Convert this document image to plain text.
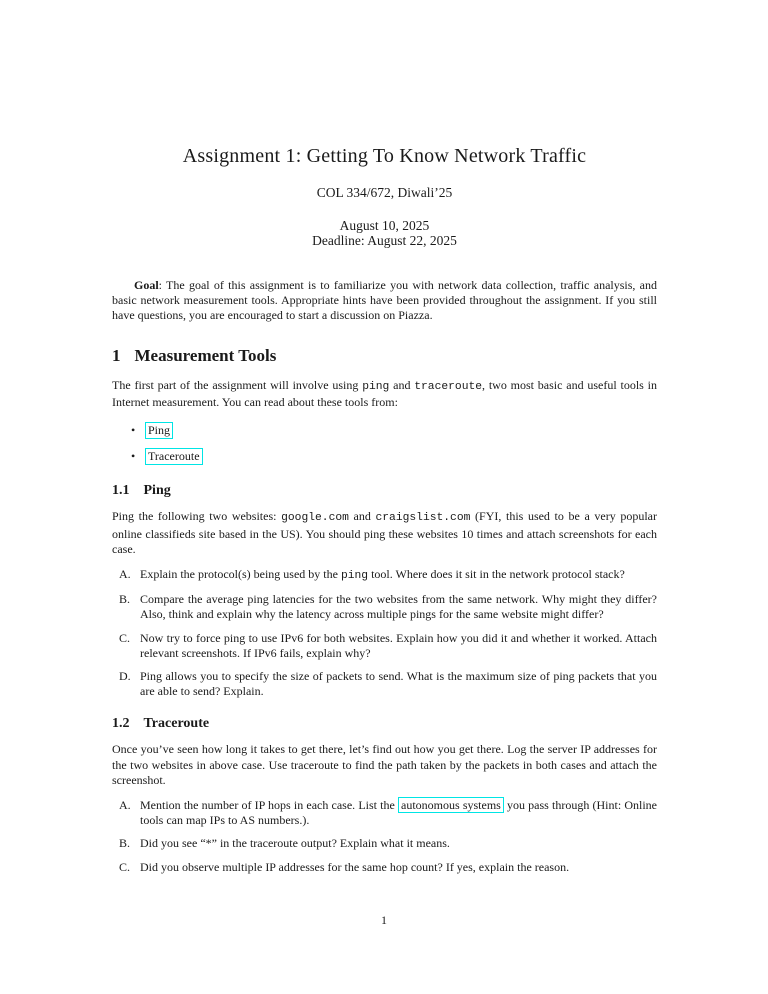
Assignment 1: Getting To Know Network Traffic
COL 334/672, Diwali’25
August 10, 2025
Deadline: August 22, 2025

Goal: The goal of this assignment is to familiarize you with network data collection, traffic analysis, and basic network measurement tools. Appropriate hints have been provided throughout the assignment. If you still have questions, you are encouraged to start a discussion on Piazza.

1 Measurement Tools

The first part of the assignment will involve using ping and traceroute, two most basic and useful tools in Internet measurement. You can read about these tools from:

•	Ping
•	Traceroute
1.1 Ping

Ping the following two websites: google.com and craigslist.com (FYI, this used to be a very popular online classifieds site based in the US). You should ping these websites 10 times and attach screenshots for each case.

A. Explain the protocol(s) being used by the ping tool. Where does it sit in the network protocol stack?
B. Compare the average ping latencies for the two websites from the same network. Why might they differ? Also, think and explain why the latency across multiple pings for the same website might differ?
C. Now try to force ping to use IPv6 for both websites. Explain how you did it and whether it worked. Attach relevant screenshots. If IPv6 fails, explain why?
D. Ping allows you to specify the size of packets to send. What is the maximum size of ping packets that you are able to send? Explain.
1.2 Traceroute

Once you’ve seen how long it takes to get there, let’s find out how you get there. Log the server IP addresses for the two websites in above case. Use traceroute to find the path taken by the packets in both cases and attach the screenshot.

A. Mention the number of IP hops in each case. List the autonomous systems you pass through (Hint: Online tools can map IPs to AS numbers.).
B. Did you see “*” in the traceroute output? Explain what it means.
C. Did you observe multiple IP addresses for the same hop count? If yes, explain the reason.
1
